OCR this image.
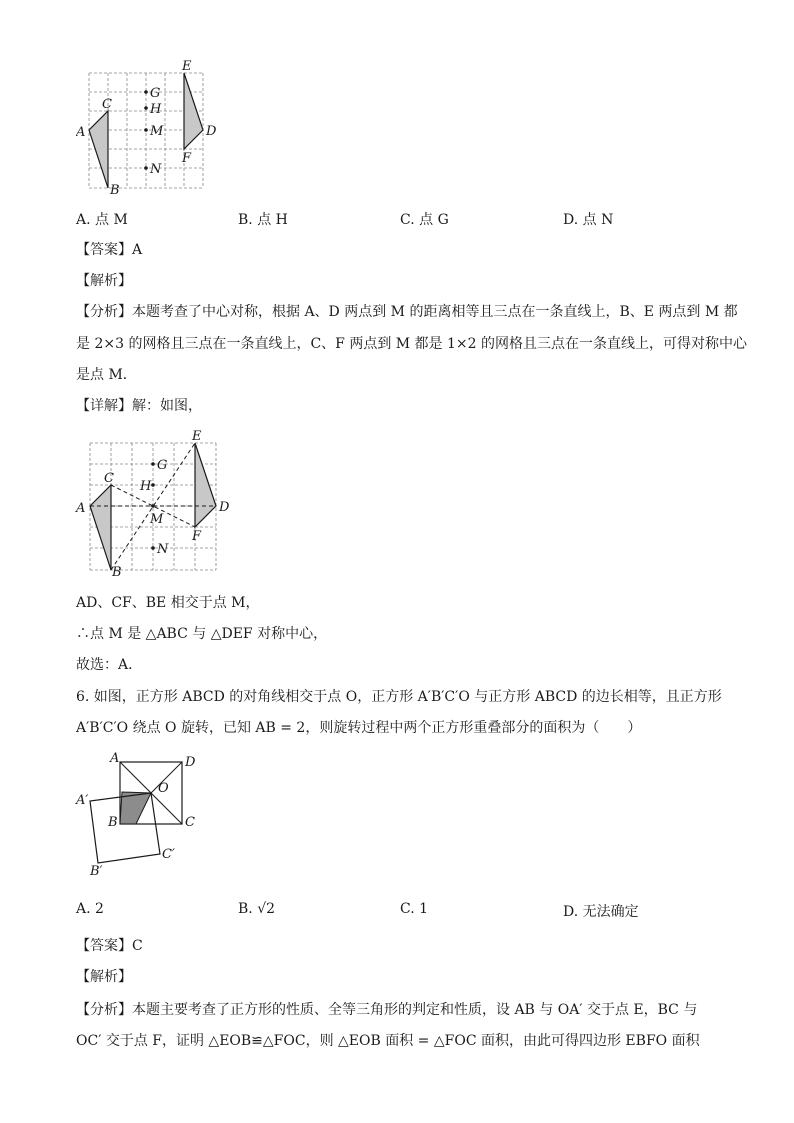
A
C
B
E
D
F
G
H
M
N
A. 点 M	B. 点 H	C. 点 G	D. 点 N
【答案】A
【解析】
【分析】本题考查了中心对称，根据 A、D 两点到 M 的距离相等且三点在一条直线上，B、E 两点到 M 都
是 2×3 的网格且三点在一条直线上，C、F 两点到 M 都是 1×2 的网格且三点在一条直线上，可得对称中心
是点 M．
【详解】解：如图，
A
C
B
E
D
F
G
H
M
N
AD、CF、BE 相交于点 M，
∴点 M 是 △ABC 与 △DEF 对称中心，
故选：A．
6. 如图，正方形 ABCD 的对角线相交于点 O，正方形 A′B′C′O 与正方形 ABCD 的边长相等，且正方形
A′B′C′O 绕点 O 旋转，已知 AB = 2，则旋转过程中两个正方形重叠部分的面积为（　　）
A	D
O
B	C
A′
C′
B′
A. 2	B. √2	C. 1	D. 无法确定
【答案】C
【解析】
【分析】本题主要考查了正方形的性质、全等三角形的判定和性质，设 AB 与 OA′ 交于点 E，BC 与
OC′ 交于点 F，证明 △EOB≌△FOC，则 △EOB 面积 = △FOC 面积，由此可得四边形 EBFO 面积
